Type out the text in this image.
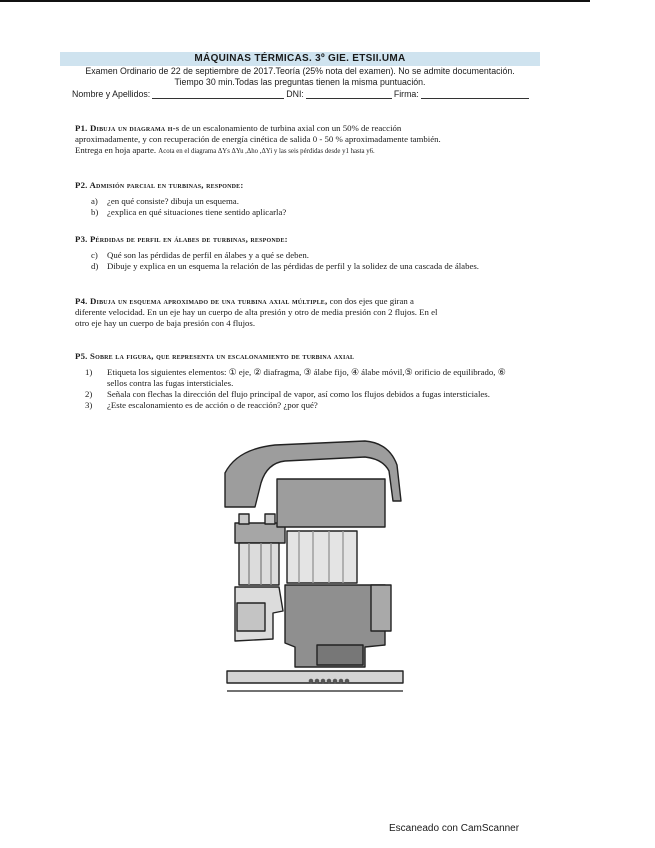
MÁQUINAS TÉRMICAS. 3º GIE. ETSII.UMA
Examen Ordinario de 22 de septiembre de 2017.Teoría (25% nota del examen). No se admite documentación.
Tiempo 30 min.Todas las preguntas tienen la misma puntuación.
Nombre y Apellidos:	DNI:	Firma:
P1. Dibuja un diagrama h-s de un escalonamiento de turbina axial con un 50% de reacción
aproximadamente, y con recuperación de energía cinética de salida 0 - 50 % aproximadamente también.
Entrega en hoja aparte. Acota en el diagrama ΔYs ΔYu ,Δho ,ΔYi y las seis pérdidas desde y1 hasta y6.
P2. Admisión parcial en turbinas, responde:
a)	¿en qué consiste? dibuja un esquema.
b) ¿explica en qué situaciones tiene sentido aplicarla?
P3. Pérdidas de perfil en álabes de turbinas, responde:
c)	Qué son las pérdidas de perfil en álabes y a qué se deben.
d) Dibuje y explica en un esquema la relación de las pérdidas de perfil y la solidez de una cascada de álabes.
P4. Dibuja un esquema aproximado de una turbina axial múltiple, con dos ejes que giran a
diferente velocidad. En un eje hay un cuerpo de alta presión y otro de media presión con 2 flujos. En el
otro eje hay un cuerpo de baja presión con 4 flujos.
P5. Sobre la figura, que representa un escalonamiento de turbina axial
1)	Etiqueta los siguientes elementos: ① eje, ② diafragma, ③ álabe fijo, ④ álabe móvil,⑤ orificio de equilibrado, ⑥ sellos contra las fugas intersticiales.
2)	Señala con flechas la dirección del flujo principal de vapor, así como los flujos debidos a fugas intersticiales.
3)	¿Este escalonamiento es de acción o de reacción? ¿por qué?
Escaneado con CamScanner
